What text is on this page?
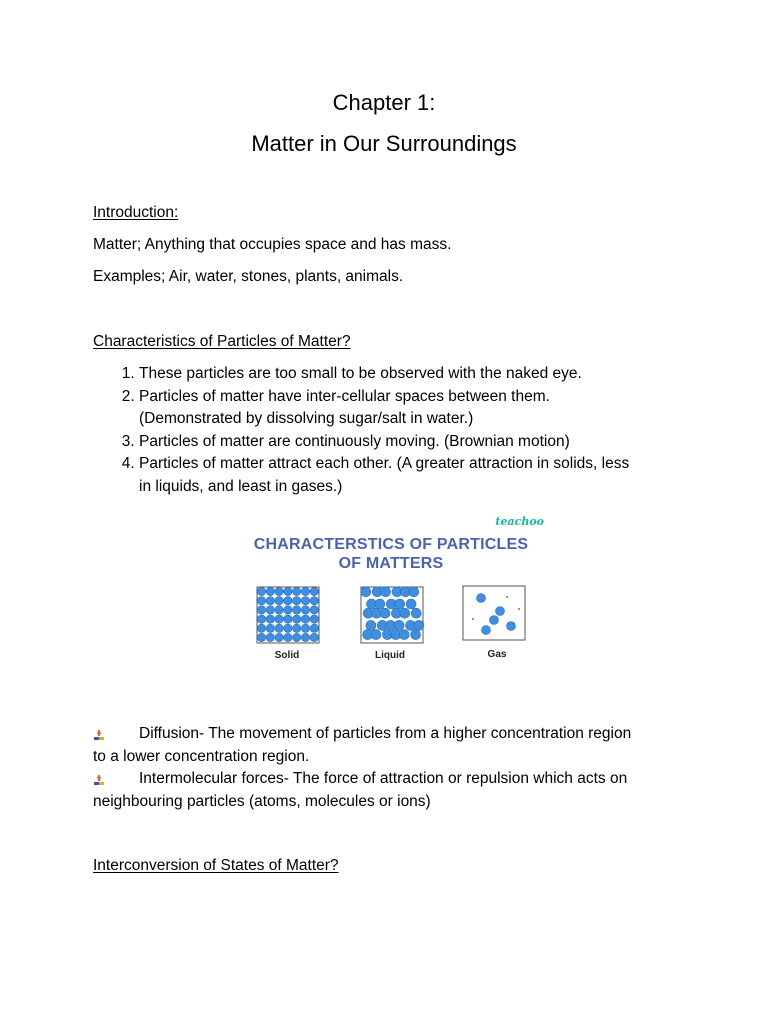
Chapter 1:
Matter in Our Surroundings
Introduction:
Matter; Anything that occupies space and has mass.
Examples; Air, water, stones, plants, animals.
Characteristics of Particles of Matter?
1. These particles are too small to be observed with the naked eye.
2. Particles of matter have inter-cellular spaces between them.
(Demonstrated by dissolving sugar/salt in water.)
3. Particles of matter are continuously moving. (Brownian motion)
4. Particles of matter attract each other. (A greater attraction in solids, less
in liquids, and least in gases.)
teachoo
CHARACTERSTICS OF PARTICLES
OF MATTERS
Solid	Liquid	Gas
Diffusion- The movement of particles from a higher concentration region
to a lower concentration region.
Intermolecular forces- The force of attraction or repulsion which acts on
neighbouring particles (atoms, molecules or ions)
Interconversion of States of Matter?
